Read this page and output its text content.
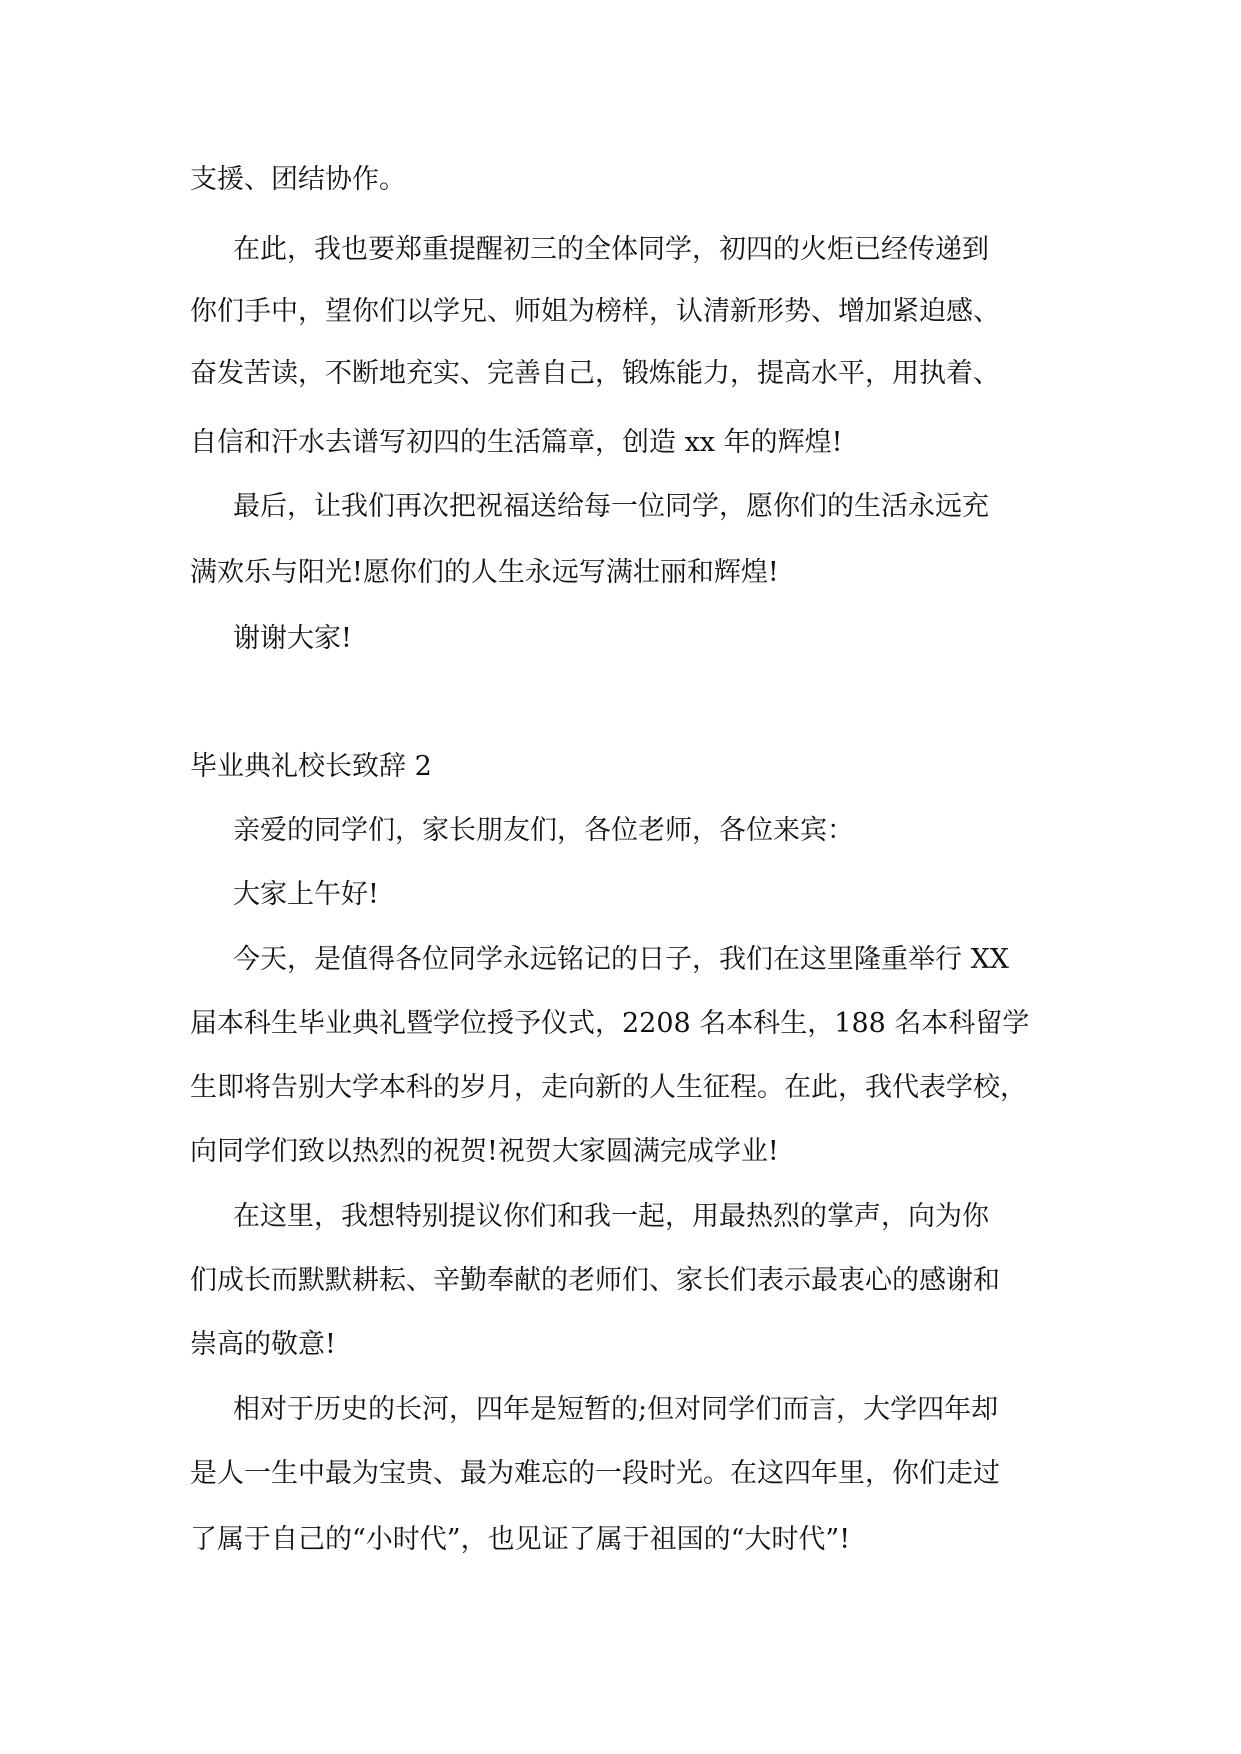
支援、团结协作。
在此，我也要郑重提醒初三的全体同学，初四的火炬已经传递到
你们手中，望你们以学兄、师姐为榜样，认清新形势、增加紧迫感、
奋发苦读，不断地充实、完善自己，锻炼能力，提高水平，用执着、
自信和汗水去谱写初四的生活篇章，创造 xx 年的辉煌!
最后，让我们再次把祝福送给每一位同学，愿你们的生活永远充
满欢乐与阳光!愿你们的人生永远写满壮丽和辉煌!
谢谢大家!
毕业典礼校长致辞 2
亲爱的同学们，家长朋友们，各位老师，各位来宾：
大家上午好!
今天，是值得各位同学永远铭记的日子，我们在这里隆重举行 XX
届本科生毕业典礼暨学位授予仪式，2208 名本科生，188 名本科留学
生即将告别大学本科的岁月，走向新的人生征程。在此，我代表学校，
向同学们致以热烈的祝贺!祝贺大家圆满完成学业!
在这里，我想特别提议你们和我一起，用最热烈的掌声，向为你
们成长而默默耕耘、辛勤奉献的老师们、家长们表示最衷心的感谢和
崇高的敬意!
相对于历史的长河，四年是短暂的;但对同学们而言，大学四年却
是人一生中最为宝贵、最为难忘的一段时光。在这四年里，你们走过
了属于自己的“小时代”，也见证了属于祖国的“大时代”!
